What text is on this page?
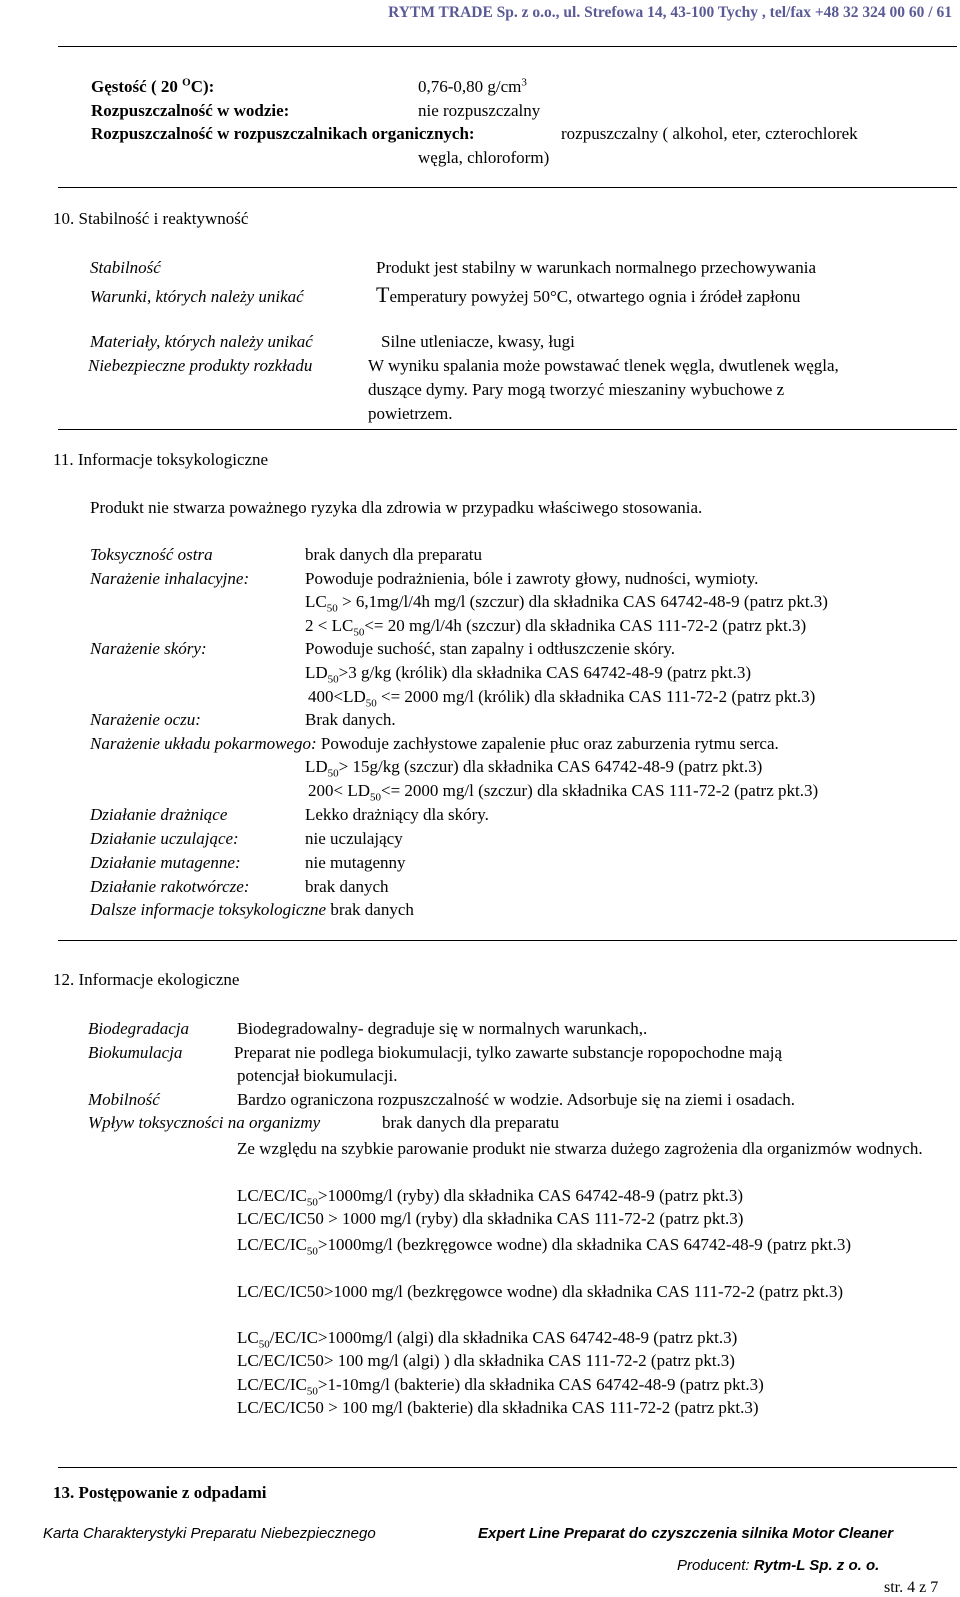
RYTM TRADE Sp. z o.o., ul. Strefowa 14, 43-100 Tychy , tel/fax +48 32 324 00 60 / 61
Gęstość ( 20 $^O$C):	0,76-0,80 $g/cm^3$
Rozpuszczalność w wodzie:	nie rozpuszczalny
Rozpuszczalność w rozpuszczalnikach organicznych:	rozpuszczalny ( alkohol, eter, czterochlorek
węgla, chloroform)
10. Stabilność i reaktywność
Stabilność	Produkt jest stabilny w warunkach normalnego przechowywania
Warunki, których należy unikać	Temperatury powyżej 50°C, otwartego ognia i źródeł zapłonu
Materiały, których należy unikać	Silne utleniacze, kwasy, ługi
Niebezpieczne produkty rozkładu	W wyniku spalania może powstawać tlenek węgla, dwutlenek węgla,
duszące dymy. Pary mogą tworzyć mieszaniny wybuchowe z
powietrzem.
11. Informacje toksykologiczne
Produkt nie stwarza poważnego ryzyka dla zdrowia w przypadku właściwego stosowania.
Toksyczność ostra	brak danych dla preparatu
Narażenie inhalacyjne:	Powoduje podrażnienia, bóle i zawroty głowy, nudności, wymioty.
$LC_{50} > 6,1mg/l/4h$ mg/l (szczur) dla składnika CAS 64742-48-9 (patrz pkt.3)
$2 < LC_{50}<= 20$ mg/l/4h (szczur) dla składnika CAS 111-72-2 (patrz pkt.3)
Narażenie skóry:	Powoduje suchość, stan zapalny i odtłuszczenie skóry.
$LD_{50}>3$ g/kg (królik) dla składnika CAS 64742-48-9 (patrz pkt.3)
$400<LD_{50} <= 2000$ mg/l (królik) dla składnika CAS 111-72-2 (patrz pkt.3)
Narażenie oczu:	Brak danych.
Narażenie układu pokarmowego: Powoduje zachłystowe zapalenie płuc oraz zaburzenia rytmu serca.
$LD_{50}> 15g/kg$ (szczur) dla składnika CAS 64742-48-9 (patrz pkt.3)
$200< LD_{50}<= 2000$ mg/l (szczur) dla składnika CAS 111-72-2 (patrz pkt.3)
Działanie drażniące	Lekko drażniący dla skóry.
Działanie uczulające:	nie uczulający
Działanie mutagenne:	nie mutagenny
Działanie rakotwórcze:	brak danych
Dalsze informacje toksykologiczne brak danych
12. Informacje ekologiczne
Biodegradacja	Biodegradowalny- degraduje się w normalnych warunkach,.
Biokumulacja	Preparat nie podlega biokumulacji, tylko zawarte substancje ropopochodne mają
potencjał biokumulacji.
Mobilność	Bardzo ograniczona rozpuszczalność w wodzie. Adsorbuje się na ziemi i osadach.
Wpływ toksyczności na organizmy	brak danych dla preparatu
Ze względu na szybkie parowanie produkt nie stwarza dużego zagrożenia dla organizmów wodnych.
$LC/EC/IC_{50}>1000mg/l$ (ryby) dla składnika CAS 64742-48-9 (patrz pkt.3)
LC/EC/IC50 > 1000 mg/l (ryby) dla składnika CAS 111-72-2 (patrz pkt.3)
$LC/EC/IC_{50}>1000mg/l$ (bezkręgowce wodne) dla składnika CAS 64742-48-9 (patrz pkt.3)
LC/EC/IC50>1000 mg/l (bezkręgowce wodne) dla składnika CAS 111-72-2 (patrz pkt.3)
$LC_{50}/EC/IC>1000mg/l$ (algi) dla składnika CAS 64742-48-9 (patrz pkt.3)
LC/EC/IC50> 100 mg/l (algi) ) dla składnika CAS 111-72-2 (patrz pkt.3)
$LC/EC/IC_{50}>1-10mg/l$ (bakterie) dla składnika CAS 64742-48-9 (patrz pkt.3)
LC/EC/IC50 > 100 mg/l (bakterie) dla składnika CAS 111-72-2 (patrz pkt.3)
13. Postępowanie z odpadami
Karta Charakterystyki Preparatu Niebezpiecznego	Expert Line Preparat do czyszczenia silnika Motor Cleaner
Producent: Rytm-L Sp. z o. o.
str. 4 z 7
